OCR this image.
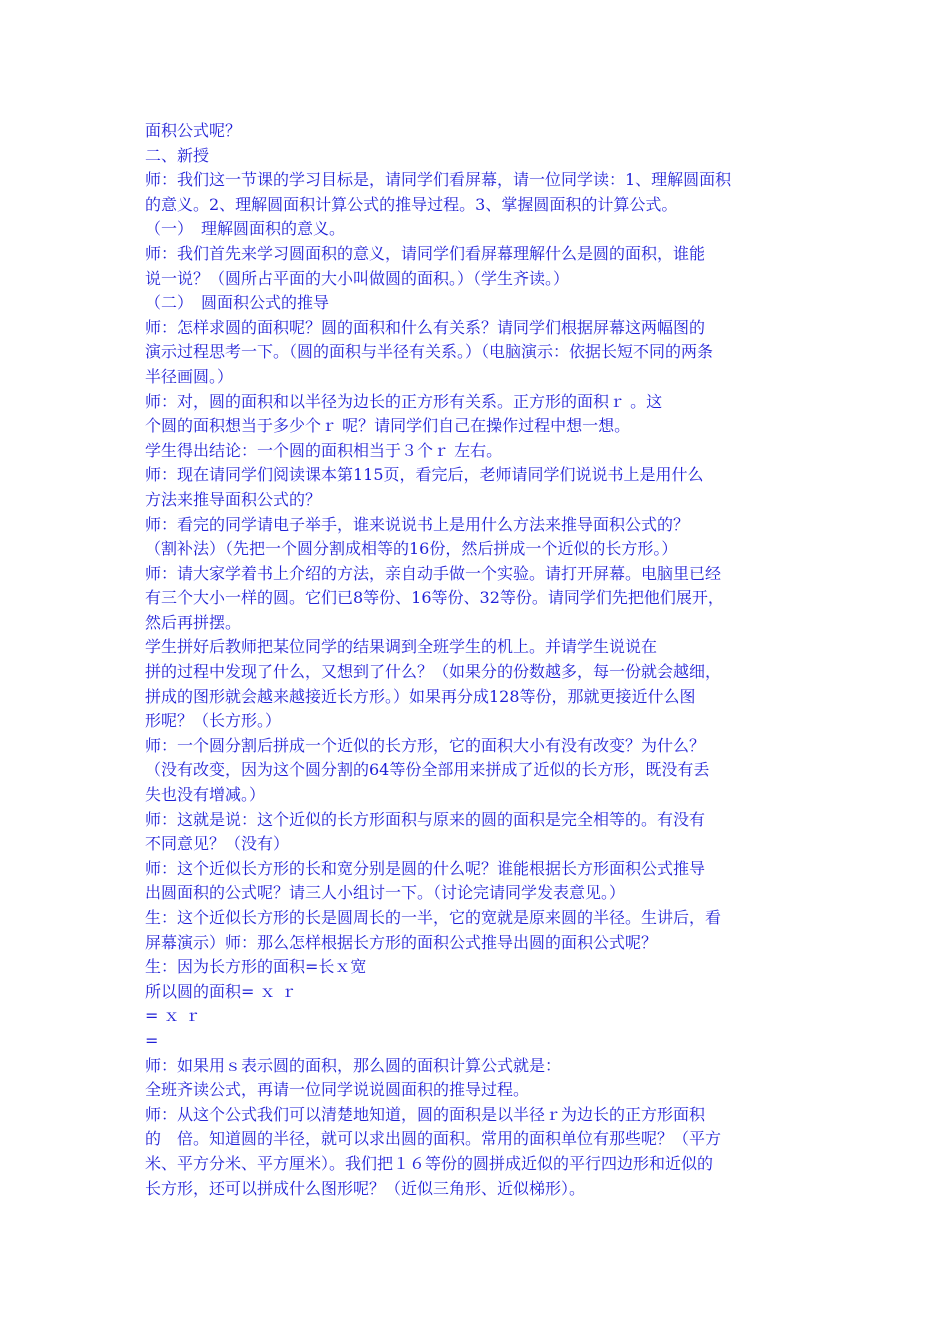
面积公式呢？
二、新授
师：我们这一节课的学习目标是，请同学们看屏幕，请一位同学读：1、理解圆面积
的意义。2、理解圆面积计算公式的推导过程。3、掌握圆面积的计算公式。
（一）　理解圆面积的意义。
师：我们首先来学习圆面积的意义，请同学们看屏幕理解什么是圆的面积，谁能
说一说？（圆所占平面的大小叫做圆的面积。）（学生齐读。）
（二）　圆面积公式的推导
师：怎样求圆的面积呢？圆的面积和什么有关系？请同学们根据屏幕这两幅图的
演示过程思考一下。（圆的面积与半径有关系。）（电脑演示：依据长短不同的两条
半径画圆。）
师：对，圆的面积和以半径为边长的正方形有关系。正方形的面积ｒ 。这
个圆的面积想当于多少个ｒ 呢？请同学们自己在操作过程中想一想。
学生得出结论：一个圆的面积相当于３个ｒ 左右。
师：现在请同学们阅读课本第115页，看完后，老师请同学们说说书上是用什么
方法来推导面积公式的？
师：看完的同学请电子举手，谁来说说书上是用什么方法来推导面积公式的？
（割补法）（先把一个圆分割成相等的16份，然后拼成一个近似的长方形。）
师：请大家学着书上介绍的方法，亲自动手做一个实验。请打开屏幕。电脑里已经
有三个大小一样的圆。它们已8等份、16等份、32等份。请同学们先把他们展开，
然后再拼摆。
学生拼好后教师把某位同学的结果调到全班学生的机上。并请学生说说在
拼的过程中发现了什么，又想到了什么？（如果分的份数越多，每一份就会越细，
拼成的图形就会越来越接近长方形。）如果再分成128等份，那就更接近什么图
形呢？（长方形。）
师：一个圆分割后拼成一个近似的长方形，它的面积大小有没有改变？为什么？
（没有改变，因为这个圆分割的64等份全部用来拼成了近似的长方形，既没有丢
失也没有增减。）
师：这就是说：这个近似的长方形面积与原来的圆的面积是完全相等的。有没有
不同意见？（没有）
师：这个近似长方形的长和宽分别是圆的什么呢？谁能根据长方形面积公式推导
出圆面积的公式呢？请三人小组讨一下。（讨论完请同学发表意见。）
生：这个近似长方形的长是圆周长的一半，它的宽就是原来圆的半径。生讲后，看
屏幕演示）师：那么怎样根据长方形的面积公式推导出圆的面积公式呢？
生：因为长方形的面积=长ｘ宽
所以圆的面积= ｘ ｒ
= ｘ ｒ
=
师：如果用ｓ表示圆的面积，那么圆的面积计算公式就是：
全班齐读公式，再请一位同学说说圆面积的推导过程。
师：从这个公式我们可以清楚地知道，圆的面积是以半径ｒ为边长的正方形面积
的　倍。知道圆的半径，就可以求出圆的面积。常用的面积单位有那些呢？（平方
米、平方分米、平方厘米）。我们把１６等份的圆拼成近似的平行四边形和近似的
长方形，还可以拼成什么图形呢？（近似三角形、近似梯形）。
